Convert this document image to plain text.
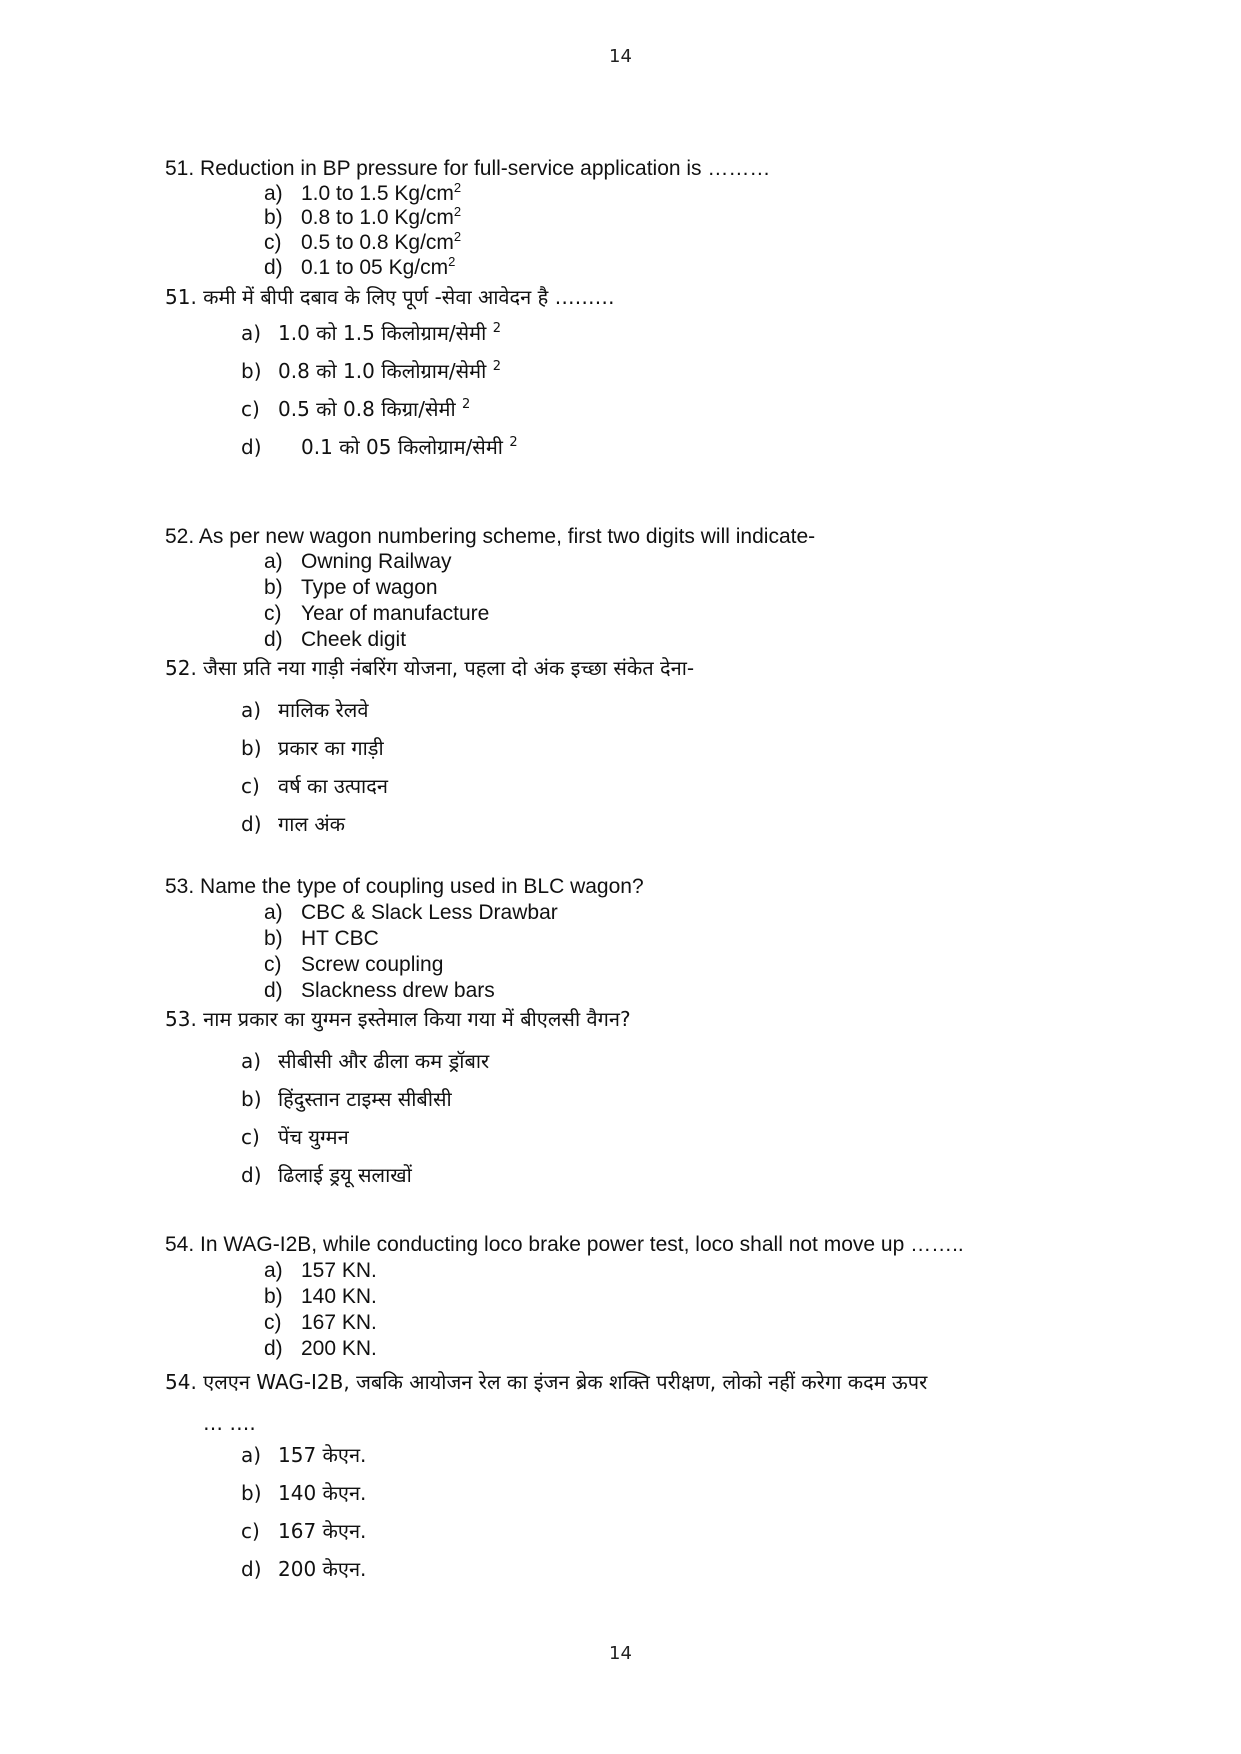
14
51. Reduction in BP pressure for full-service application is ………
a) 1.0 to 1.5 $Kg/cm^2$
b) 0.8 to 1.0 $Kg/cm^2$
c) 0.5 to 0.8 $Kg/cm^2$
d) 0.1 to 05 $Kg/cm^2$
51. कमी में बीपी दबाव के लिए पूर्ण -सेवा आवेदन है ………
a) 1.0 को 1.5 किलोग्राम/सेमी $^2$
b) 0.8 को 1.0 किलोग्राम/सेमी $^2$
c) 0.5 को 0.8 किग्रा/सेमी $^2$
d) 0.1 को 05 किलोग्राम/सेमी $^2$
52. As per new wagon numbering scheme, first two digits will indicate-
a) Owning Railway
b) Type of wagon
c) Year of manufacture
d) Cheek digit
52. जैसा प्रति नया गाड़ी नंबरिंग योजना, पहला दो अंक इच्छा संकेत देना-
a) मालिक रेलवे
b) प्रकार का गाड़ी
c) वर्ष का उत्पादन
d) गाल अंक
53. Name the type of coupling used in BLC wagon?
a) CBC & Slack Less Drawbar
b) HT CBC
c) Screw coupling
d) Slackness drew bars
53. नाम प्रकार का युग्मन इस्तेमाल किया गया में बीएलसी वैगन?
a) सीबीसी और ढीला कम ड्रॉबार
b) हिंदुस्तान टाइम्स सीबीसी
c) पेंच युग्मन
d) ढिलाई ड्रयू सलाखों
54. In WAG-I2B, while conducting loco brake power test, loco shall not move up ……..
a) 157 KN.
b) 140 KN.
c) 167 KN.
d) 200 KN.
54. एलएन WAG-I2B, जबकि आयोजन रेल का इंजन ब्रेक शक्ति परीक्षण, लोको नहीं करेगा कदम ऊपर
… ….
a) 157 केएन.
b) 140 केएन.
c) 167 केएन.
d) 200 केएन.
14
